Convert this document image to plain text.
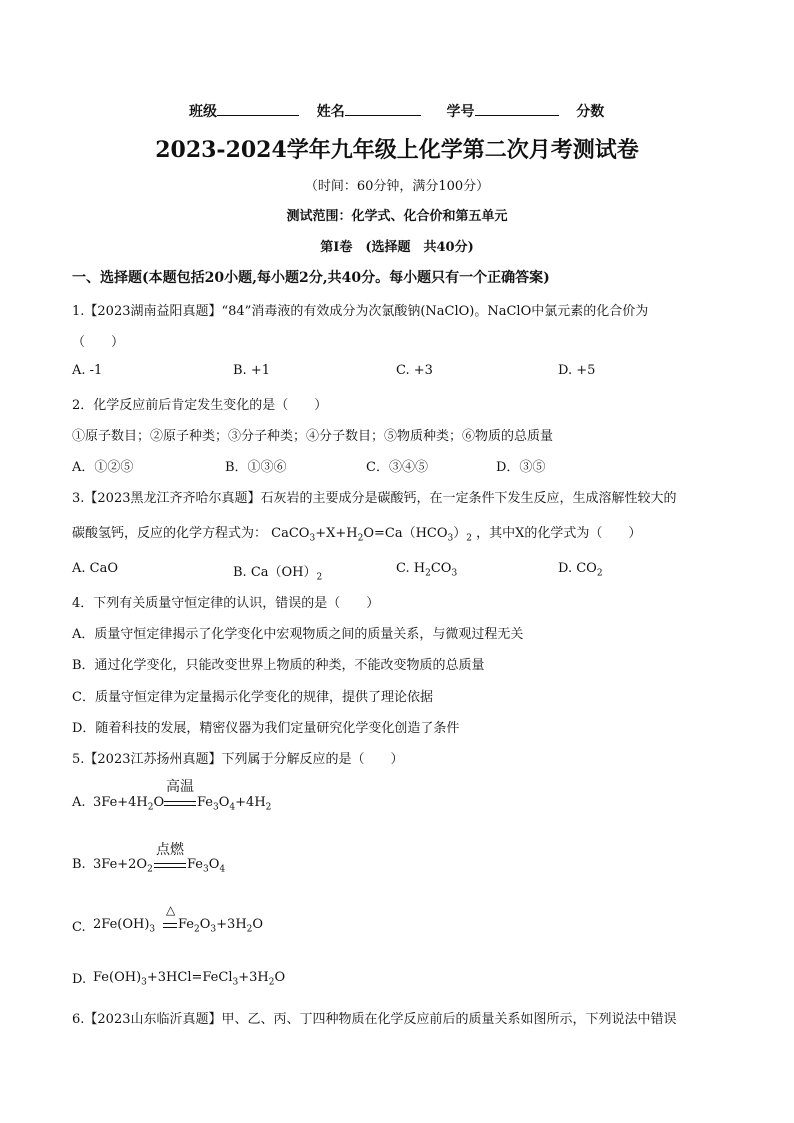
班级	姓名	学号	分数
2023-2024学年九年级上化学第二次月考测试卷
（时间：60分钟，满分100分）
测试范围：化学式、化合价和第五单元
第Ⅰ卷　(选择题　共40分)
一、选择题(本题包括20小题,每小题2分,共40分。每小题只有一个正确答案)
1.【2023湖南益阳真题】“84”消毒液的有效成分为次氯酸钠(NaClO)。NaClO中氯元素的化合价为
（　　）
A. -1	B. +1	C. +3	D. +5
2．化学反应前后肯定发生变化的是（　　）
①原子数目；②原子种类；③分子种类；④分子数目；⑤物质种类；⑥物质的总质量
A．①②⑤	B．①③⑥	C．③④⑤	D．③⑤
3.【2023黑龙江齐齐哈尔真题】石灰岩的主要成分是碳酸钙，在一定条件下发生反应，生成溶解性较大的
碳酸氢钙，反应的化学方程式为： $CaCO_3+X+H_2O=Ca(HCO_3)_2$ ，其中X的化学式为（　　）
A. CaO	B. $Ca(OH)_2$
C. $H_2CO_3$	D. $CO_2$
4．下列有关质量守恒定律的认识，错误的是（　　）
A．质量守恒定律揭示了化学变化中宏观物质之间的质量关系，与微观过程无关
B．通过化学变化，只能改变世界上物质的种类，不能改变物质的总质量
C．质量守恒定律为定量揭示化学变化的规律，提供了理论依据
D．随着科技的发展，精密仪器为我们定量研究化学变化创造了条件
5.【2023江苏扬州真题】下列属于分解反应的是（　　）
A. $3Fe+4H_2O$
高温
$Fe_3O_4+4H_2$
B. $3Fe+2O_2$
点燃
$Fe_3O_4$
C. $2Fe(OH)_3$
△
$Fe_2O_3+3H_2O$
D. $Fe(OH)_3+3HCl=FeCl_3+3H_2O$
6.【2023山东临沂真题】甲、乙、丙、丁四种物质在化学反应前后的质量关系如图所示，下列说法中错误
